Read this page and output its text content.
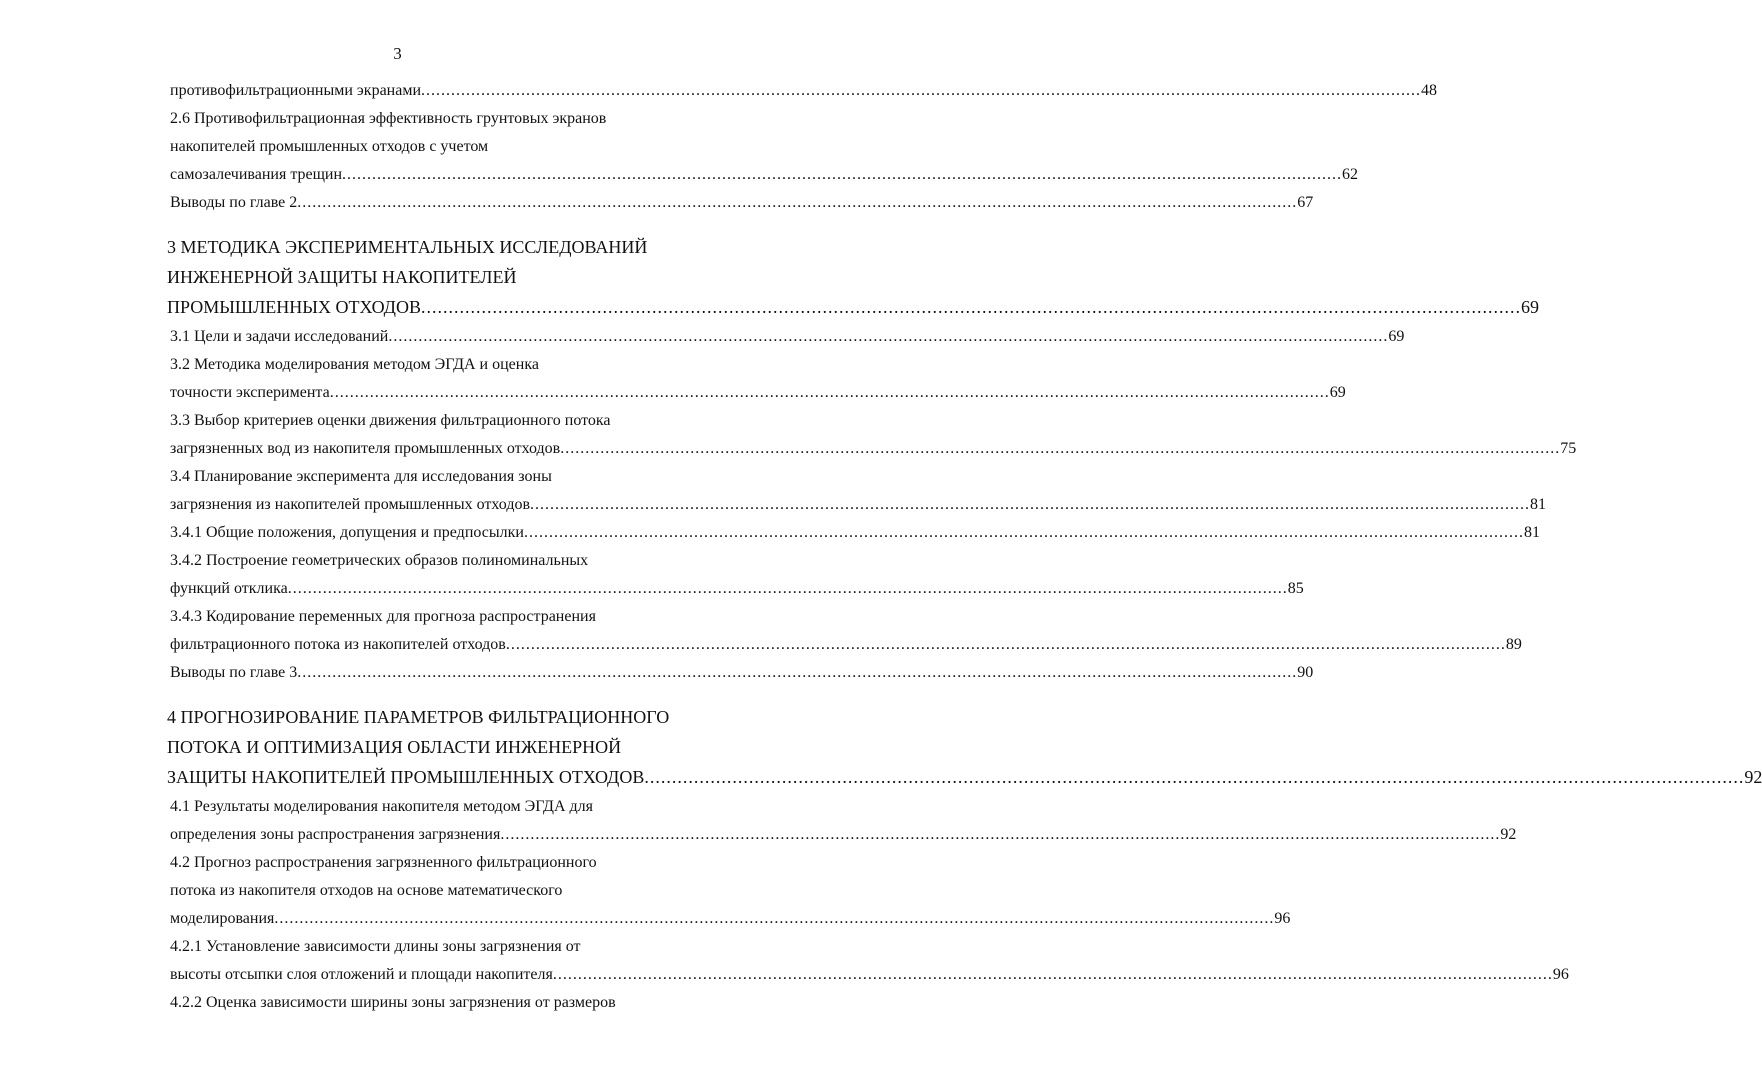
3
противофильтрационными экранами ........................................................................................................................................................................................................ 48
2.6 Противофильтрационная эффективность грунтовых экранов
накопителей промышленных отходов с учетом
самозалечивания трещин ........................................................................................................................................................................................................ 62
Выводы по главе 2 ........................................................................................................................................................................................................ 67
3 МЕТОДИКА ЭКСПЕРИМЕНТАЛЬНЫХ ИССЛЕДОВАНИЙ
ИНЖЕНЕРНОЙ ЗАЩИТЫ НАКОПИТЕЛЕЙ
ПРОМЫШЛЕННЫХ ОТХОДОВ ........................................................................................................................................................................................................ 69
3.1 Цели и задачи исследований ........................................................................................................................................................................................................ 69
3.2 Методика моделирования методом ЭГДА и оценка
точности эксперимента ........................................................................................................................................................................................................ 69
3.3 Выбор критериев оценки движения фильтрационного потока
загрязненных вод из накопителя промышленных отходов ........................................................................................................................................................................................................ 75
3.4 Планирование эксперимента для исследования зоны
загрязнения из накопителей промышленных отходов ........................................................................................................................................................................................................ 81
3.4.1 Общие положения, допущения и предпосылки ........................................................................................................................................................................................................ 81
3.4.2 Построение геометрических образов полиноминальных
функций отклика ........................................................................................................................................................................................................ 85
3.4.3 Кодирование переменных для прогноза распространения
фильтрационного потока из накопителей отходов ........................................................................................................................................................................................................ 89
Выводы по главе 3 ........................................................................................................................................................................................................ 90
4 ПРОГНОЗИРОВАНИЕ ПАРАМЕТРОВ ФИЛЬТРАЦИОННОГО
ПОТОКА И ОПТИМИЗАЦИЯ ОБЛАСТИ ИНЖЕНЕРНОЙ
ЗАЩИТЫ НАКОПИТЕЛЕЙ ПРОМЫШЛЕННЫХ ОТХОДОВ ........................................................................................................................................................................................................ 92
4.1 Результаты моделирования накопителя методом ЭГДА для
определения зоны распространения загрязнения ........................................................................................................................................................................................................ 92
4.2 Прогноз распространения загрязненного фильтрационного
потока из накопителя отходов на основе математического
моделирования ........................................................................................................................................................................................................ 96
4.2.1 Установление зависимости длины зоны загрязнения от
высоты отсыпки слоя отложений и площади накопителя ........................................................................................................................................................................................................ 96
4.2.2 Оценка зависимости ширины зоны загрязнения от размеров
